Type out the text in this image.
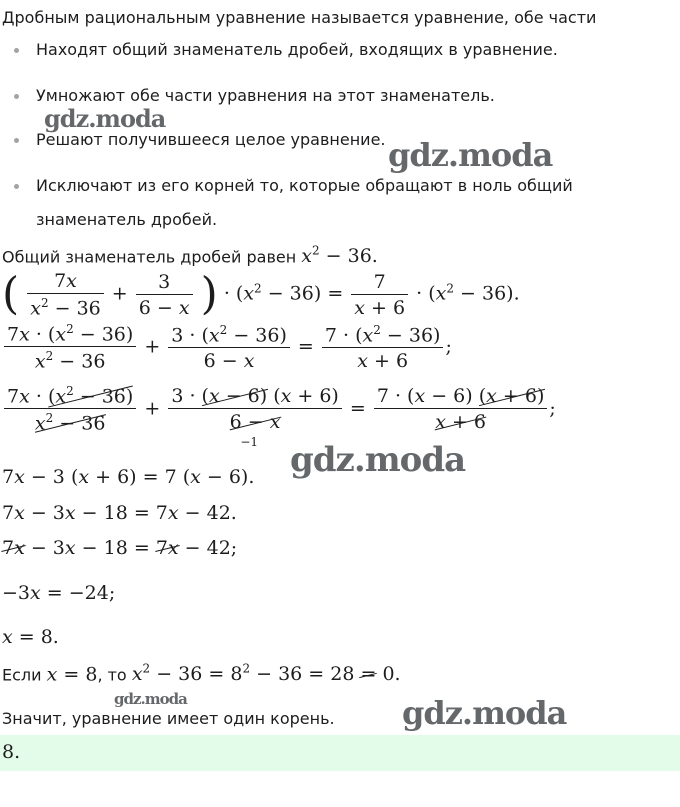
Дробным рациональным уравнение называется уравнение, обе части
Находят общий знаменатель дробей, входящих в уравнение.
Умножают обе части уравнения на этот знаменатель.
Решают получившееся целое уравнение.
Исключают из его корней то, которые обращают в ноль общий
знаменатель дробей.
Общий знаменатель дробей равен $x^2 - 36$.
( $\frac{7x}{x^2 - 36} + \frac{3}{6 - x}$ ) · $(x^2 - 36) = \frac{7}{x + 6} \cdot (x^2 - 36)$.
$\frac{7x \cdot (x^2 - 36)}{x^2 - 36} + \frac{3 \cdot (x^2 - 36)}{6 - x} = \frac{7 \cdot (x^2 - 36)}{x + 6}$ ;
$\frac{7x \cdot (x^2 - 36)}{x^2 - 36}$ +
3 · (x − 6) (x + 6)
6 − x
−1
= $\frac{7 \cdot (x - 6) (x + 6)}{x + 6}$ ;
7x − 3 (x + 6) = 7 (x − 6).
7x − 3x − 18 = 7x − 42.
7x − 3x − 18 = 7x − 42;
−3x = −24;
x = 8.
Если x = 8, то $x^2 - 36 = 8^2 - 36 = 28 = 0$.
Значит, уравнение имеет один корень.
8.
gdz.moda
gdz.moda
gdz.moda
gdz.moda	gdz.moda
